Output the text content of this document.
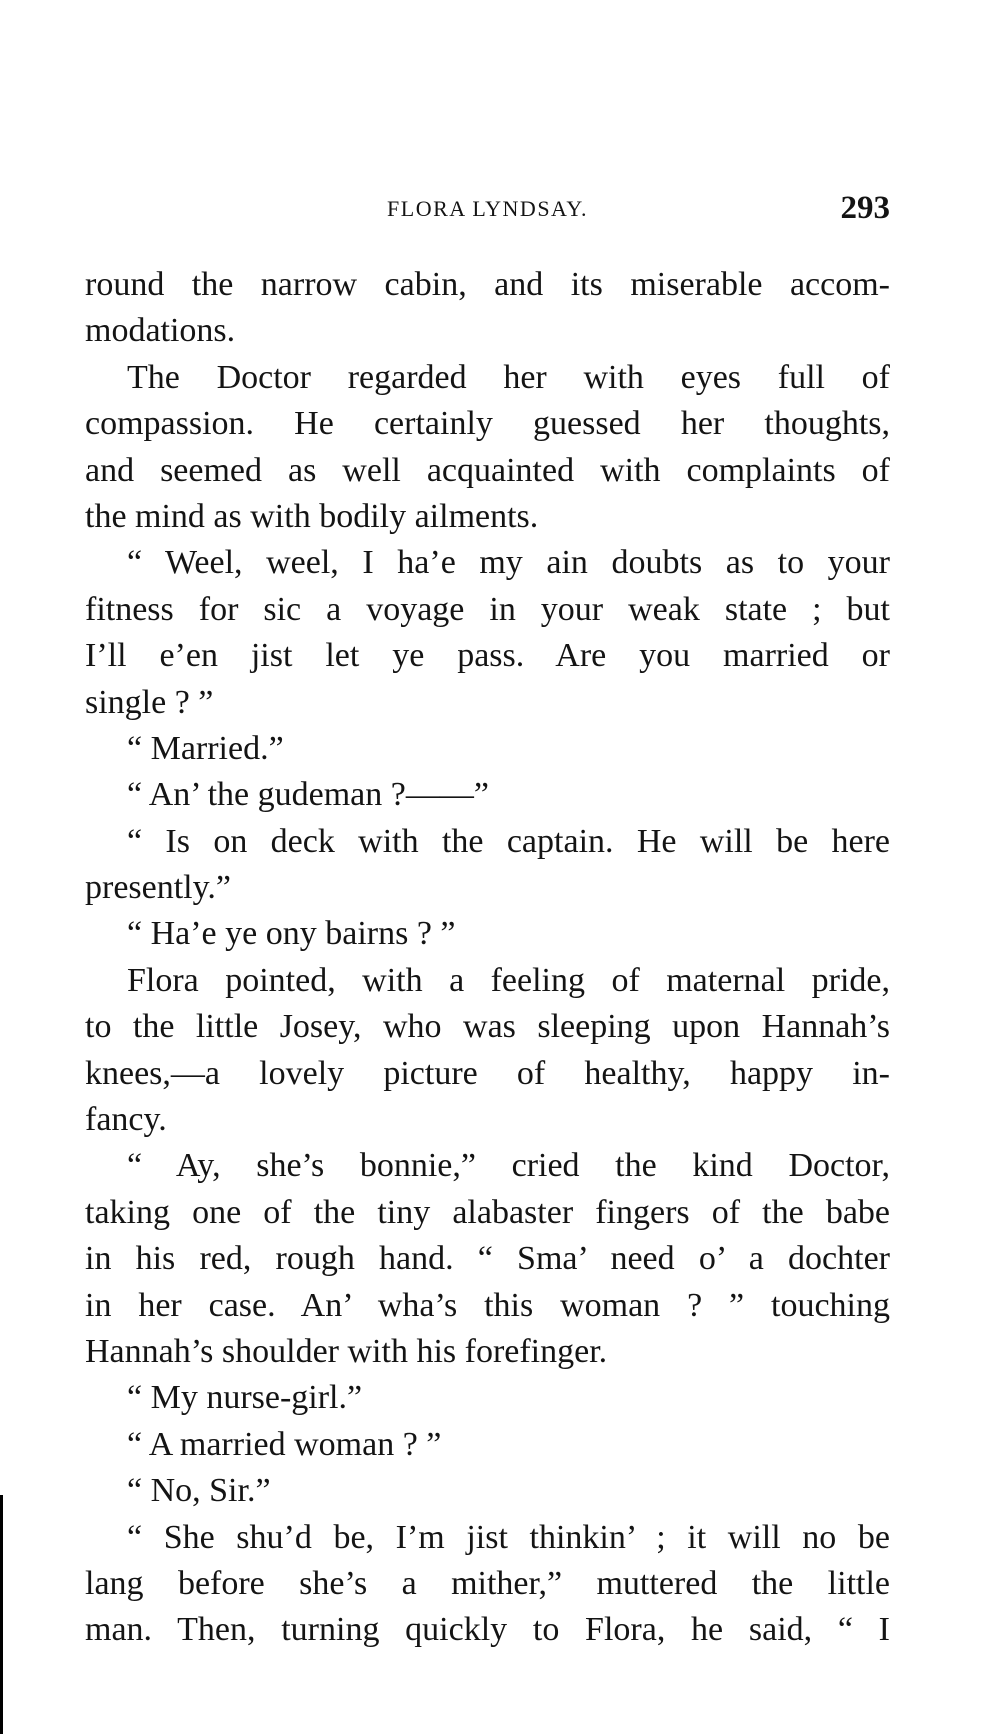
FLORA LYNDSAY.	293
round the narrow cabin, and its miserable accom-
modations.
The Doctor regarded her with eyes full of
compassion. He certainly guessed her thoughts,
and seemed as well acquainted with complaints of
the mind as with bodily ailments.
“ Weel, weel, I ha’e my ain doubts as to your
fitness for sic a voyage in your weak state ; but
I’ll e’en jist let ye pass. Are you married or
single ? ”
“ Married.”
“ An’ the gudeman ?——”
“ Is on deck with the captain. He will be here
presently.”
“ Ha’e ye ony bairns ? ”
Flora pointed, with a feeling of maternal pride,
to the little Josey, who was sleeping upon Hannah’s
knees,—a lovely picture of healthy, happy in-
fancy.
“ Ay, she’s bonnie,” cried the kind Doctor,
taking one of the tiny alabaster fingers of the babe
in his red, rough hand. “ Sma’ need o’ a dochter
in her case. An’ wha’s this woman ? ” touching
Hannah’s shoulder with his forefinger.
“ My nurse-girl.”
“ A married woman ? ”
“ No, Sir.”
“ She shu’d be, I’m jist thinkin’ ; it will no be
lang before she’s a mither,” muttered the little
man. Then, turning quickly to Flora, he said, “ I
